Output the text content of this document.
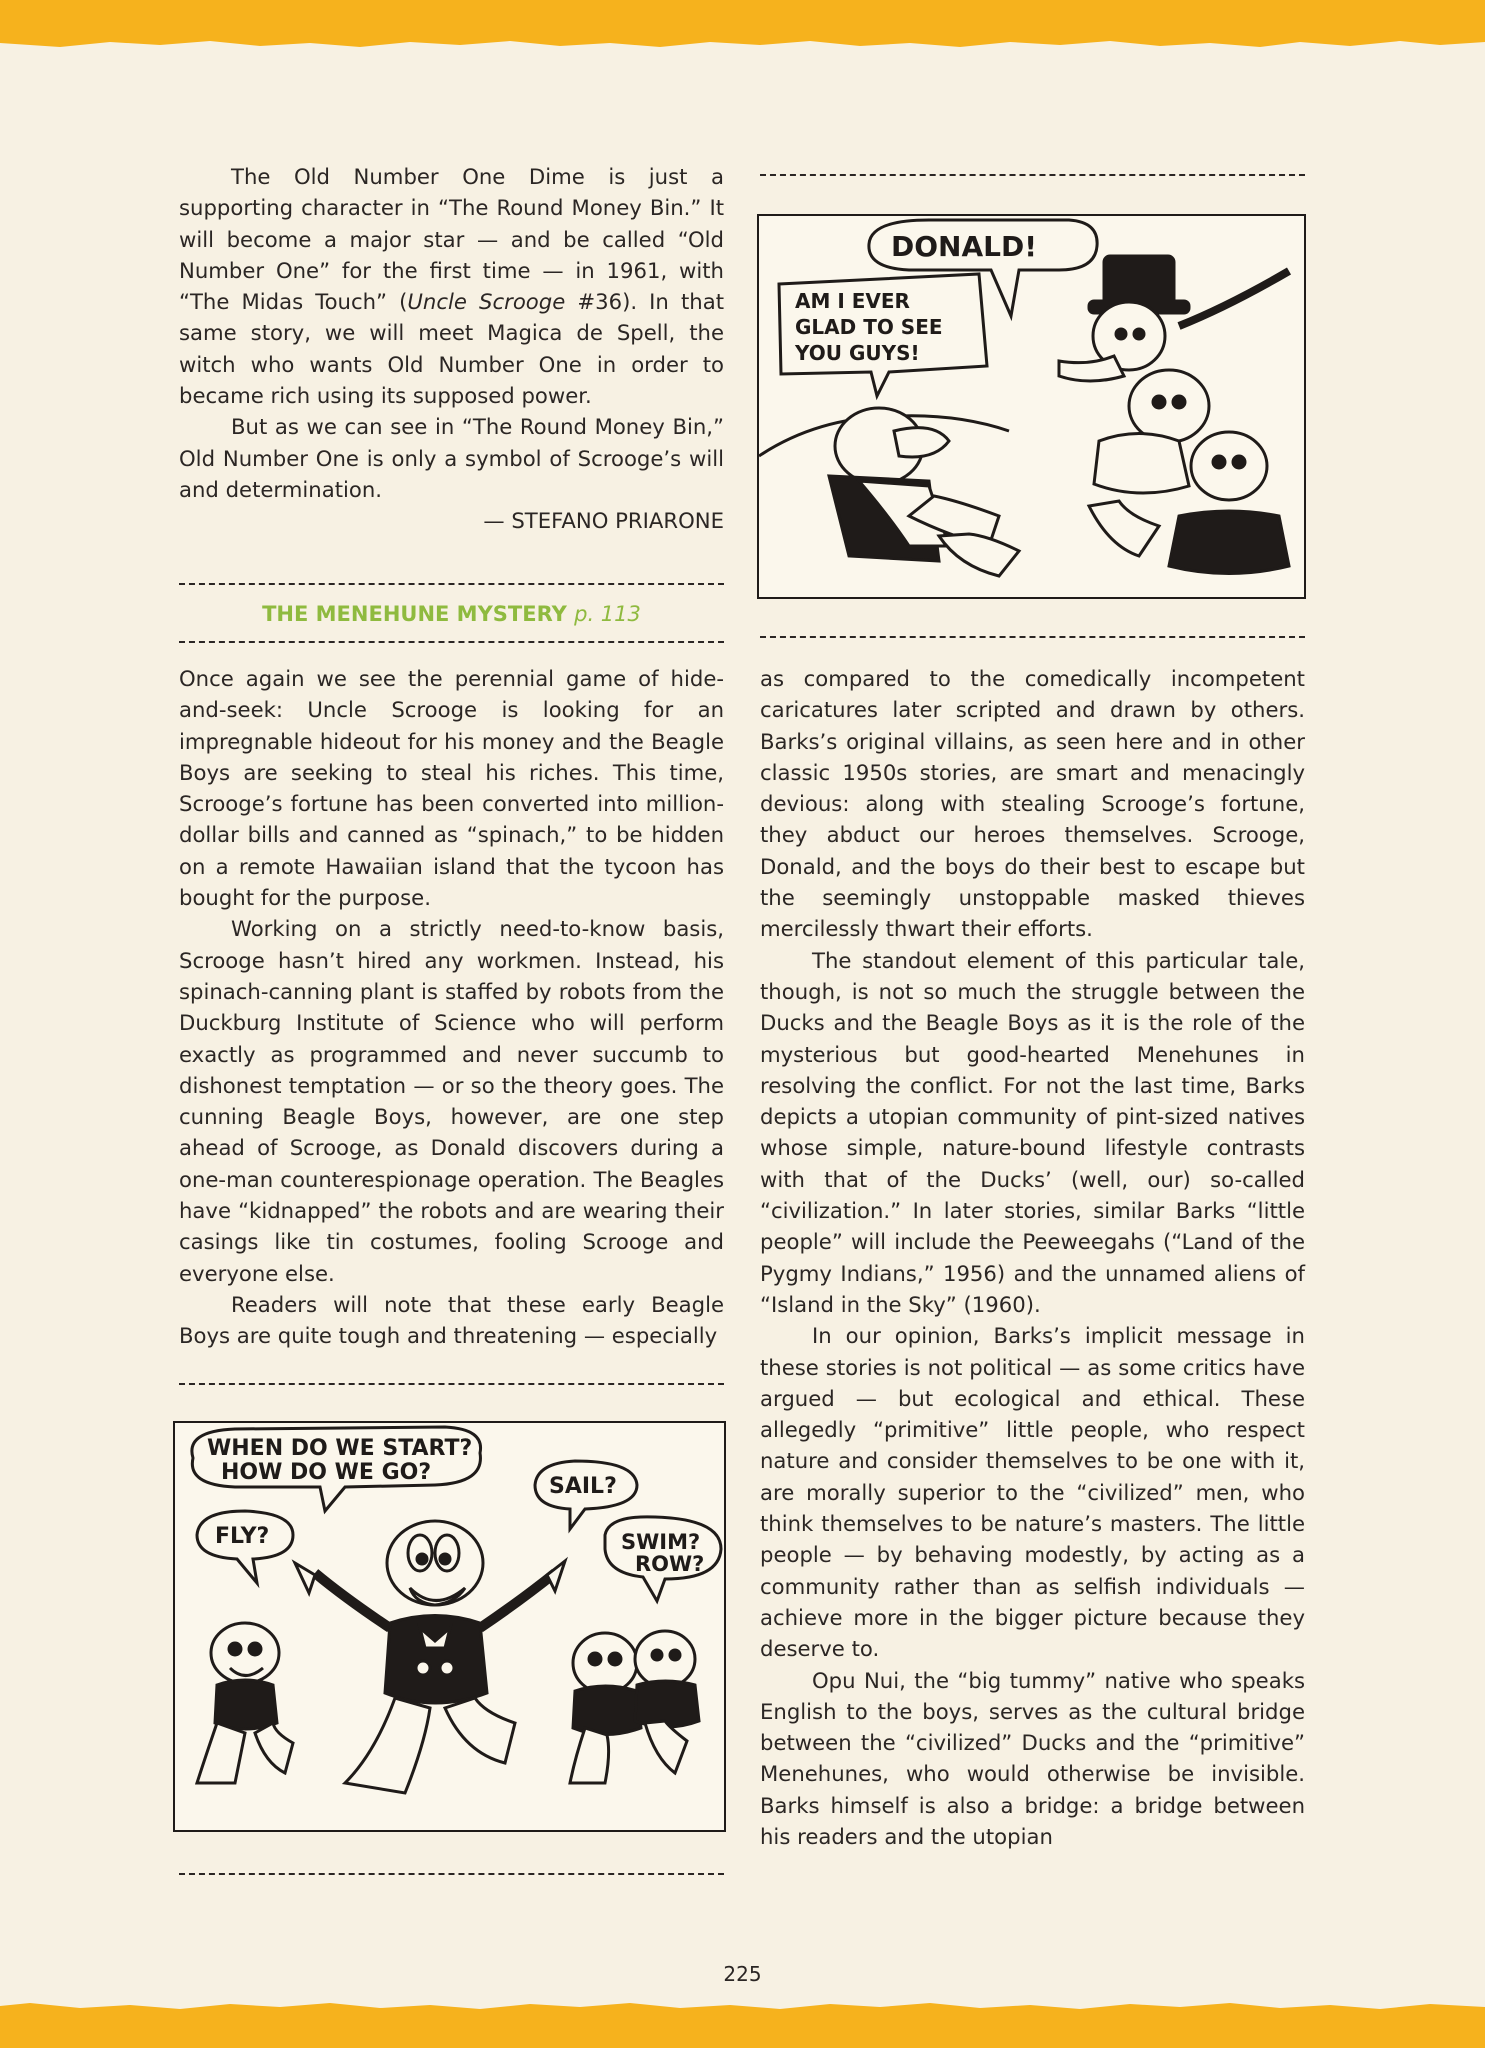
The Old Number One Dime is just a supporting character in “The Round Money Bin.” It will become a major star — and be called “Old Number One” for the first time — in 1961, with “The Midas Touch” (Uncle Scrooge #36). In that same story, we will meet Magica de Spell, the witch who wants Old Number One in order to became rich using its supposed power.

But as we can see in “The Round Money Bin,” Old Number One is only a symbol of Scrooge’s will and determination.

— STEFANO PRIARONE

THE MENEHUNE MYSTERY p. 113

Once again we see the perennial game of hide-and-seek: Uncle Scrooge is looking for an impregnable hideout for his money and the Beagle Boys are seeking to steal his riches. This time, Scrooge’s fortune has been converted into million-dollar bills and canned as “spinach,” to be hidden on a remote Hawaiian island that the tycoon has bought for the purpose.

Working on a strictly need-to-know basis, Scrooge hasn’t hired any workmen. Instead, his spinach-canning plant is staffed by robots from the Duckburg Institute of Science who will perform exactly as programmed and never succumb to dishonest temptation — or so the theory goes. The cunning Beagle Boys, however, are one step ahead of Scrooge, as Donald discovers during a one-man counterespionage operation. The Beagles have “kidnapped” the robots and are wearing their casings like tin costumes, fooling Scrooge and everyone else.

Readers will note that these early Beagle Boys are quite tough and threatening — especially

WHEN DO WE START?
HOW DO WE GO?
SAIL?
FLY?	SWIM?
ROW?
DONALD!
AM I EVER
GLAD TO SEE
YOU GUYS!

as compared to the comedically incompetent caricatures later scripted and drawn by others. Barks’s original villains, as seen here and in other classic 1950s stories, are smart and menacingly devious: along with stealing Scrooge’s fortune, they abduct our heroes themselves. Scrooge, Donald, and the boys do their best to escape but the seemingly unstoppable masked thieves mercilessly thwart their efforts.

The standout element of this particular tale, though, is not so much the struggle between the Ducks and the Beagle Boys as it is the role of the mysterious but good-hearted Menehunes in resolving the conflict. For not the last time, Barks depicts a utopian community of pint-sized natives whose simple, nature-bound lifestyle contrasts with that of the Ducks’ (well, our) so-called “civilization.” In later stories, similar Barks “little people” will include the Peeweegahs (“Land of the Pygmy Indians,” 1956) and the unnamed aliens of “Island in the Sky” (1960).

In our opinion, Barks’s implicit message in these stories is not political — as some critics have argued — but ecological and ethical. These allegedly “primitive” little people, who respect nature and consider themselves to be one with it, are morally superior to the “civilized” men, who think themselves to be nature’s masters. The little people — by behaving modestly, by acting as a community rather than as selfish individuals — achieve more in the bigger picture because they deserve to.

Opu Nui, the “big tummy” native who speaks English to the boys, serves as the cultural bridge between the “civilized” Ducks and the “primitive” Menehunes, who would otherwise be invisible. Barks himself is also a bridge: a bridge between his readers and the utopian

225
